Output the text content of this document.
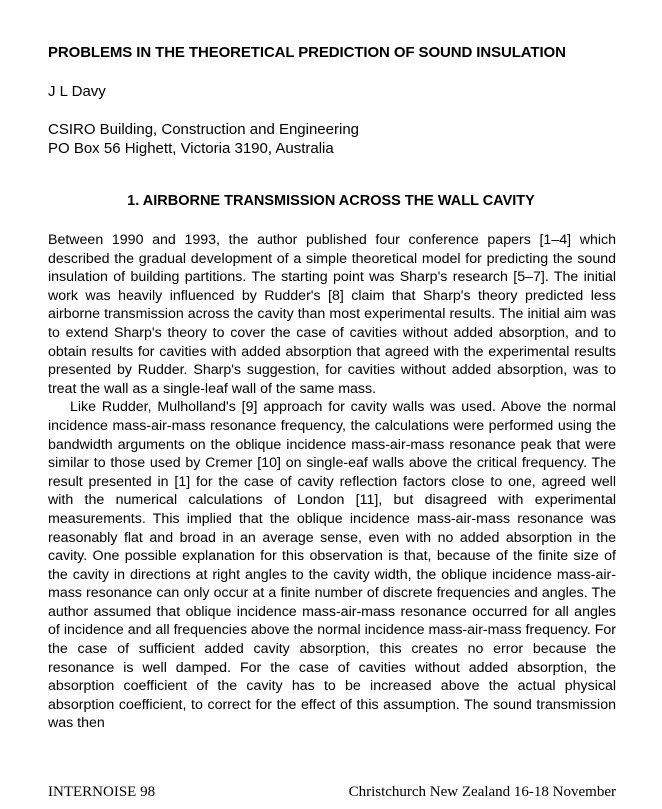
PROBLEMS IN THE THEORETICAL PREDICTION OF SOUND INSULATION
J L Davy
CSIRO Building, Construction and Engineering
PO Box 56 Highett, Victoria 3190, Australia
1. AIRBORNE TRANSMISSION ACROSS THE WALL CAVITY

Between 1990 and 1993, the author published four conference papers [1–4] which described the gradual development of a simple theoretical model for predicting the sound insulation of building partitions. The starting point was Sharp's research [5–7]. The initial work was heavily influenced by Rudder's [8] claim that Sharp's theory predicted less airborne transmission across the cavity than most experimental results. The initial aim was to extend Sharp's theory to cover the case of cavities without added absorption, and to obtain results for cavities with added absorption that agreed with the experimental results presented by Rudder. Sharp's suggestion, for cavities without added absorption, was to treat the wall as a single-leaf wall of the same mass.

Like Rudder, Mulholland's [9] approach for cavity walls was used. Above the normal incidence mass-air-mass resonance frequency, the calculations were performed using the bandwidth arguments on the oblique incidence mass-air-mass resonance peak that were similar to those used by Cremer [10] on single-eaf walls above the critical frequency. The result presented in [1] for the case of cavity reflection factors close to one, agreed well with the numerical calculations of London [11], but disagreed with experimental measurements. This implied that the oblique incidence mass-air-mass resonance was reasonably flat and broad in an average sense, even with no added absorption in the cavity. One possible explanation for this observation is that, because of the finite size of the cavity in directions at right angles to the cavity width, the oblique incidence mass-air-mass resonance can only occur at a finite number of discrete frequencies and angles. The author assumed that oblique incidence mass-air-mass resonance occurred for all angles of incidence and all frequencies above the normal incidence mass-air-mass frequency. For the case of sufficient added cavity absorption, this creates no error because the resonance is well damped. For the case of cavities without added absorption, the absorption coefficient of the cavity has to be increased above the actual physical absorption coefficient, to correct for the effect of this assumption. The sound transmission was then

INTERNOISE 98	Christchurch New Zealand 16-18 November
